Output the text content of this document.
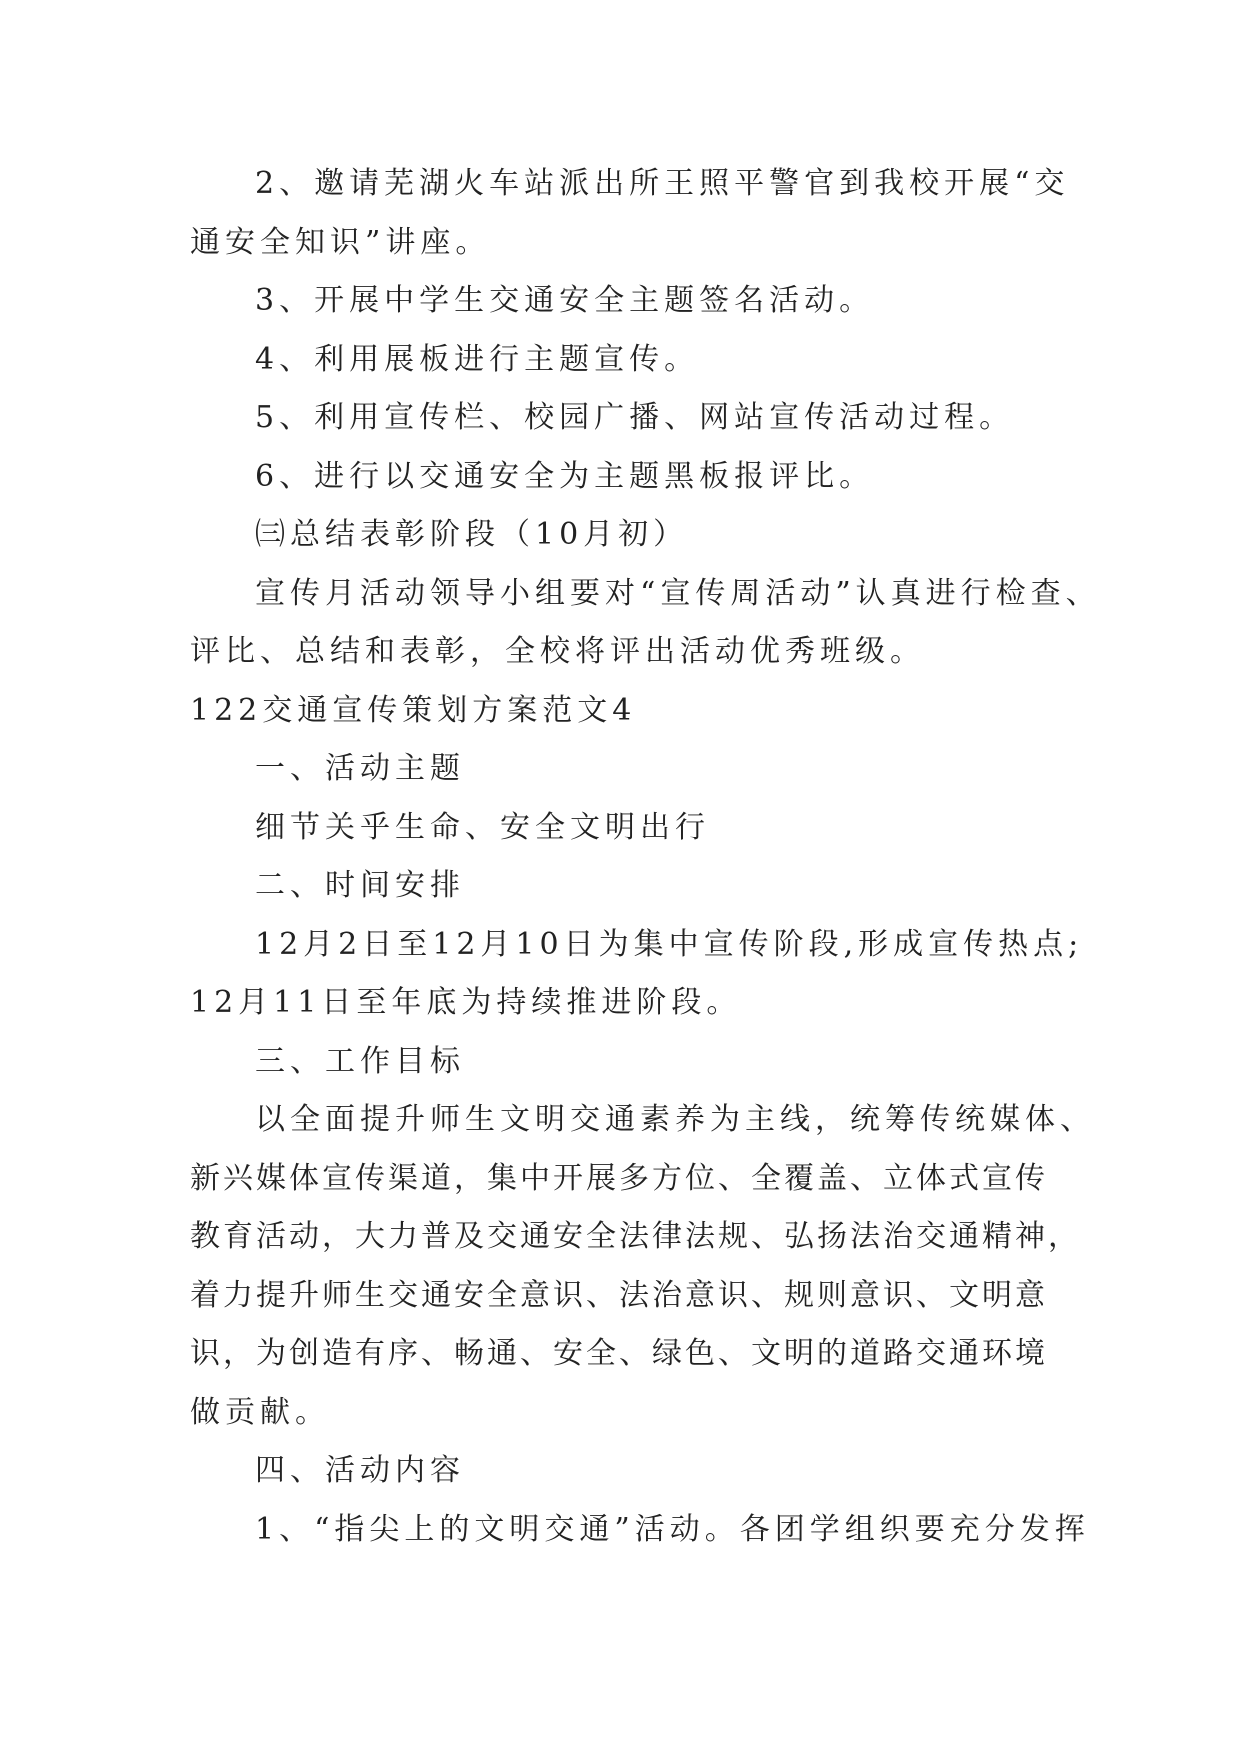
2、邀请芜湖火车站派出所王照平警官到我校开展“交

通安全知识”讲座。

3、开展中学生交通安全主题签名活动。

4、利用展板进行主题宣传。

5、利用宣传栏、校园广播、网站宣传活动过程。

6、进行以交通安全为主题黑板报评比。

㈢总结表彰阶段（10月初）

宣传月活动领导小组要对“宣传周活动”认真进行检查、

评比、总结和表彰，全校将评出活动优秀班级。

122交通宣传策划方案范文4

一、活动主题

细节关乎生命、安全文明出行

二、时间安排

12月2日至12月10日为集中宣传阶段,形成宣传热点;

12月11日至年底为持续推进阶段。

三、工作目标

以全面提升师生文明交通素养为主线，统筹传统媒体、

新兴媒体宣传渠道，集中开展多方位、全覆盖、立体式宣传

教育活动，大力普及交通安全法律法规、弘扬法治交通精神，

着力提升师生交通安全意识、法治意识、规则意识、文明意

识，为创造有序、畅通、安全、绿色、文明的道路交通环境

做贡献。

四、活动内容

1、“指尖上的文明交通”活动。各团学组织要充分发挥
